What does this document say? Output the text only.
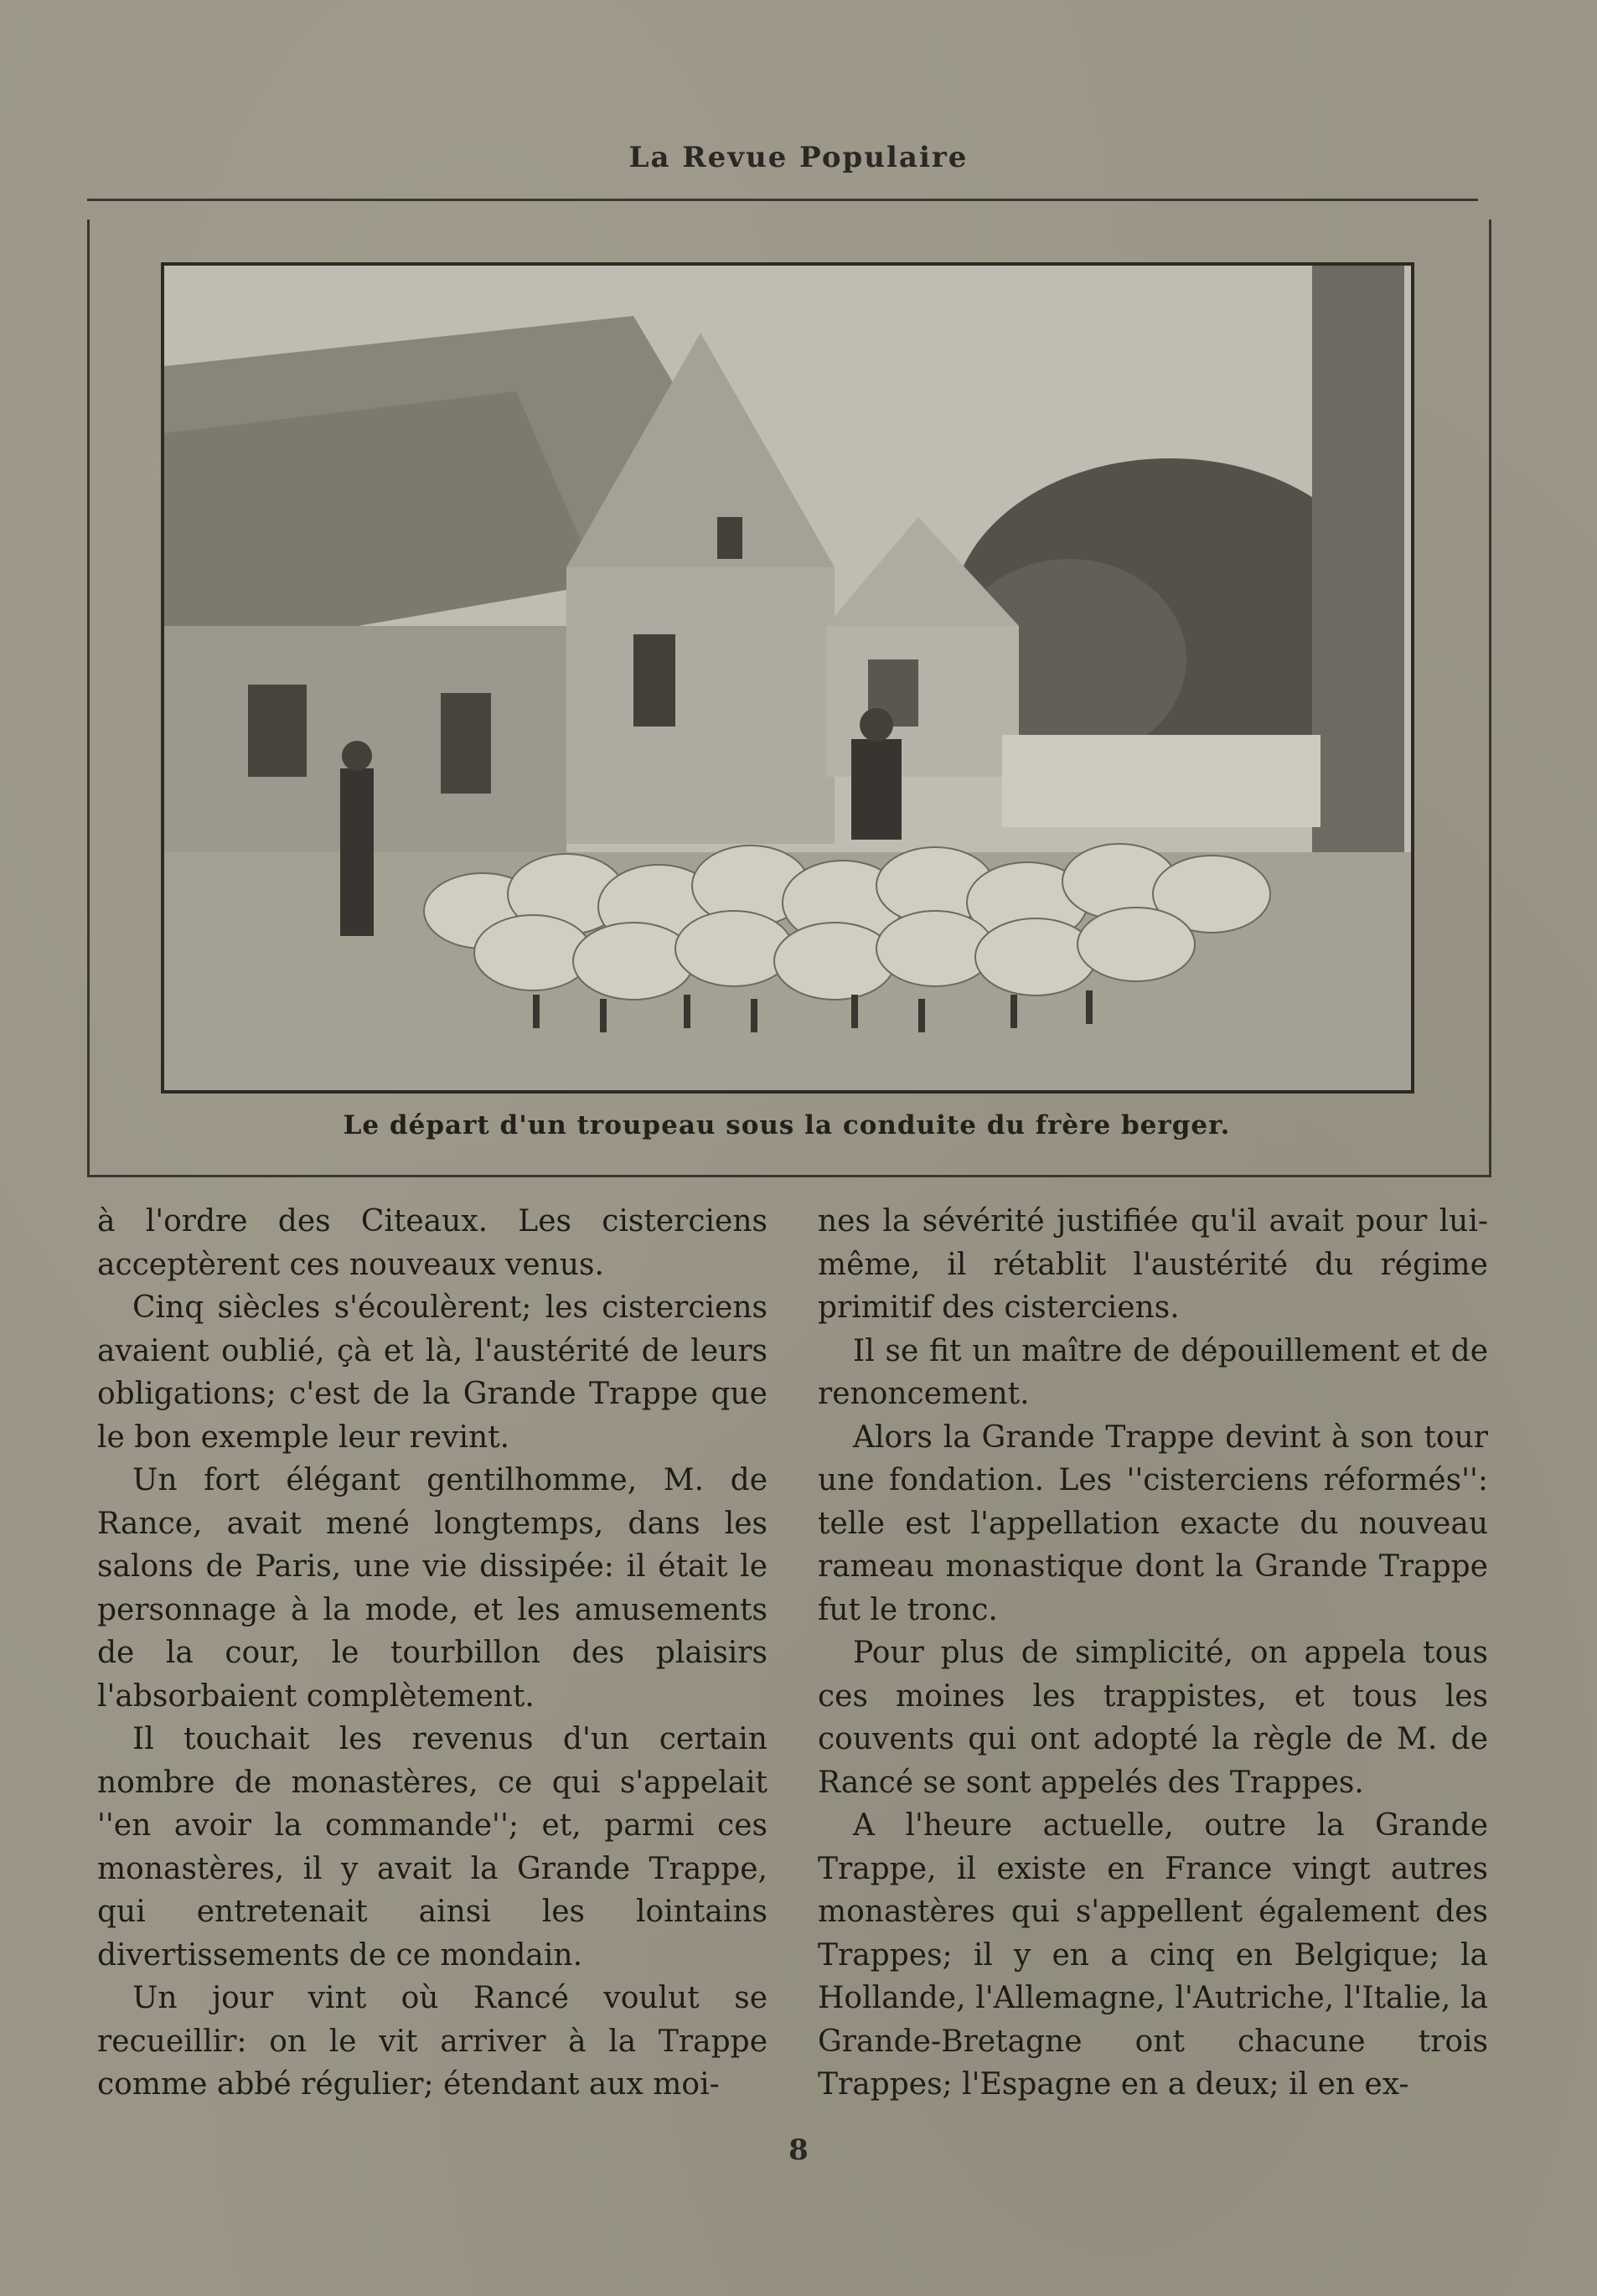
La Revue Populaire
Le départ d'un troupeau sous la conduite du frère berger.

à l'ordre des Citeaux. Les cisterciens acceptèrent ces nouveaux venus.

Cinq siècles s'écoulèrent; les cisterciens avaient oublié, çà et là, l'austérité de leurs obligations; c'est de la Grande Trappe que le bon exemple leur revint.

Un fort élégant gentilhomme, M. de Rance, avait mené longtemps, dans les salons de Paris, une vie dissipée: il était le personnage à la mode, et les amusements de la cour, le tourbillon des plaisirs l'absorbaient complètement.

Il touchait les revenus d'un certain nombre de monastères, ce qui s'appelait ''en avoir la commande''; et, parmi ces monastères, il y avait la Grande Trappe, qui entretenait ainsi les lointains divertissements de ce mondain.

Un jour vint où Rancé voulut se recueillir: on le vit arriver à la Trappe comme abbé régulier; étendant aux moi-

nes la sévérité justifiée qu'il avait pour lui-même, il rétablit l'austérité du régime primitif des cisterciens.

Il se fit un maître de dépouillement et de renoncement.

Alors la Grande Trappe devint à son tour une fondation. Les ''cisterciens réformés'': telle est l'appellation exacte du nouveau rameau monastique dont la Grande Trappe fut le tronc.

Pour plus de simplicité, on appela tous ces moines les trappistes, et tous les couvents qui ont adopté la règle de M. de Rancé se sont appelés des Trappes.

A l'heure actuelle, outre la Grande Trappe, il existe en France vingt autres monastères qui s'appellent également des Trappes; il y en a cinq en Belgique; la Hollande, l'Allemagne, l'Autriche, l'Italie, la Grande-Bretagne ont chacune trois Trappes; l'Espagne en a deux; il en ex-

8
